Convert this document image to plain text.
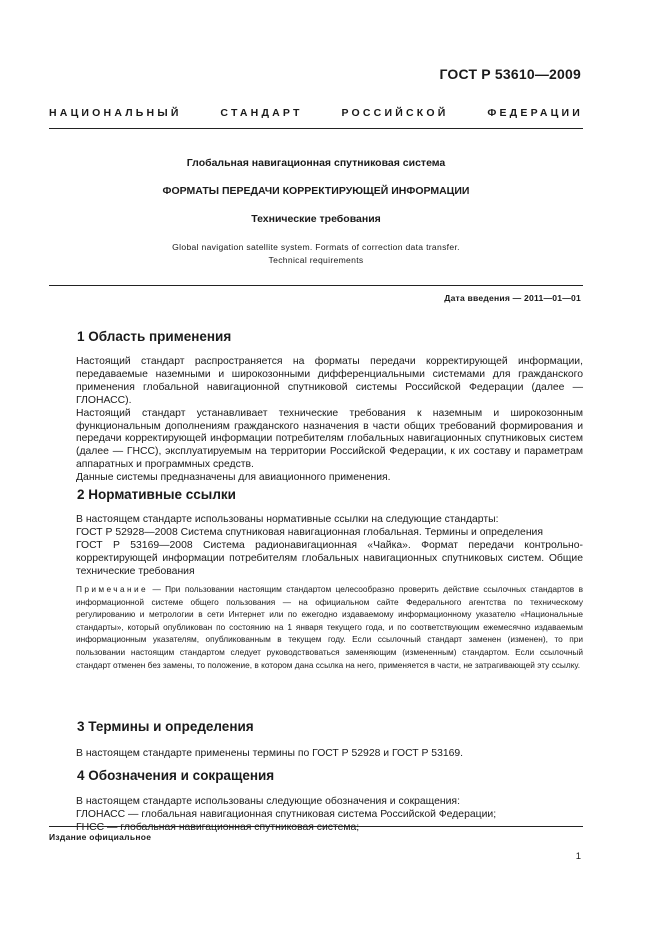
ГОСТ Р 53610—2009
НАЦИОНАЛЬНЫЙ СТАНДАРТ РОССИЙСКОЙ ФЕДЕРАЦИИ
Глобальная навигационная спутниковая система
ФОРМАТЫ ПЕРЕДАЧИ КОРРЕКТИРУЮЩЕЙ ИНФОРМАЦИИ
Технические требования
Global navigation satellite system. Formats of correction data transfer.
Technical requirements
Дата введения — 2011—01—01
1 Область применения

Настоящий стандарт распространяется на форматы передачи корректирующей информации, передаваемые наземными и широкозонными дифференциальными системами для гражданского применения глобальной навигационной спутниковой системы Российской Федерации (далее — ГЛОНАСС).

Настоящий стандарт устанавливает технические требования к наземным и широкозонным функциональным дополнениям гражданского назначения в части общих требований формирования и передачи корректирующей информации потребителям глобальных навигационных спутниковых систем (далее — ГНСС), эксплуатируемым на территории Российской Федерации, к их составу и параметрам аппаратных и программных средств.

Данные системы предназначены для авиационного применения.

2 Нормативные ссылки

В настоящем стандарте использованы нормативные ссылки на следующие стандарты:

ГОСТ Р 52928—2008 Система спутниковая навигационная глобальная. Термины и определения

ГОСТ Р 53169—2008 Система радионавигационная «Чайка». Формат передачи контрольно-корректирующей информации потребителям глобальных навигационных спутниковых систем. Общие технические требования

Примечание — При пользовании настоящим стандартом целесообразно проверить действие ссылочных стандартов в информационной системе общего пользования — на официальном сайте Федерального агентства по техническому регулированию и метрологии в сети Интернет или по ежегодно издаваемому информационному указателю «Национальные стандарты», который опубликован по состоянию на 1 января текущего года, и по соответствующим ежемесячно издаваемым информационным указателям, опубликованным в текущем году. Если ссылочный стандарт заменен (изменен), то при пользовании настоящим стандартом следует руководствоваться заменяющим (измененным) стандартом. Если ссылочный стандарт отменен без замены, то положение, в котором дана ссылка на него, применяется в части, не затрагивающей эту ссылку.

3 Термины и определения

В настоящем стандарте применены термины по ГОСТ Р 52928 и ГОСТ Р 53169.

4 Обозначения и сокращения

В настоящем стандарте использованы следующие обозначения и сокращения:

ГЛОНАСС — глобальная навигационная спутниковая система Российской Федерации;

ГНСС — глобальная навигационная спутниковая система;

Издание официальное
1
